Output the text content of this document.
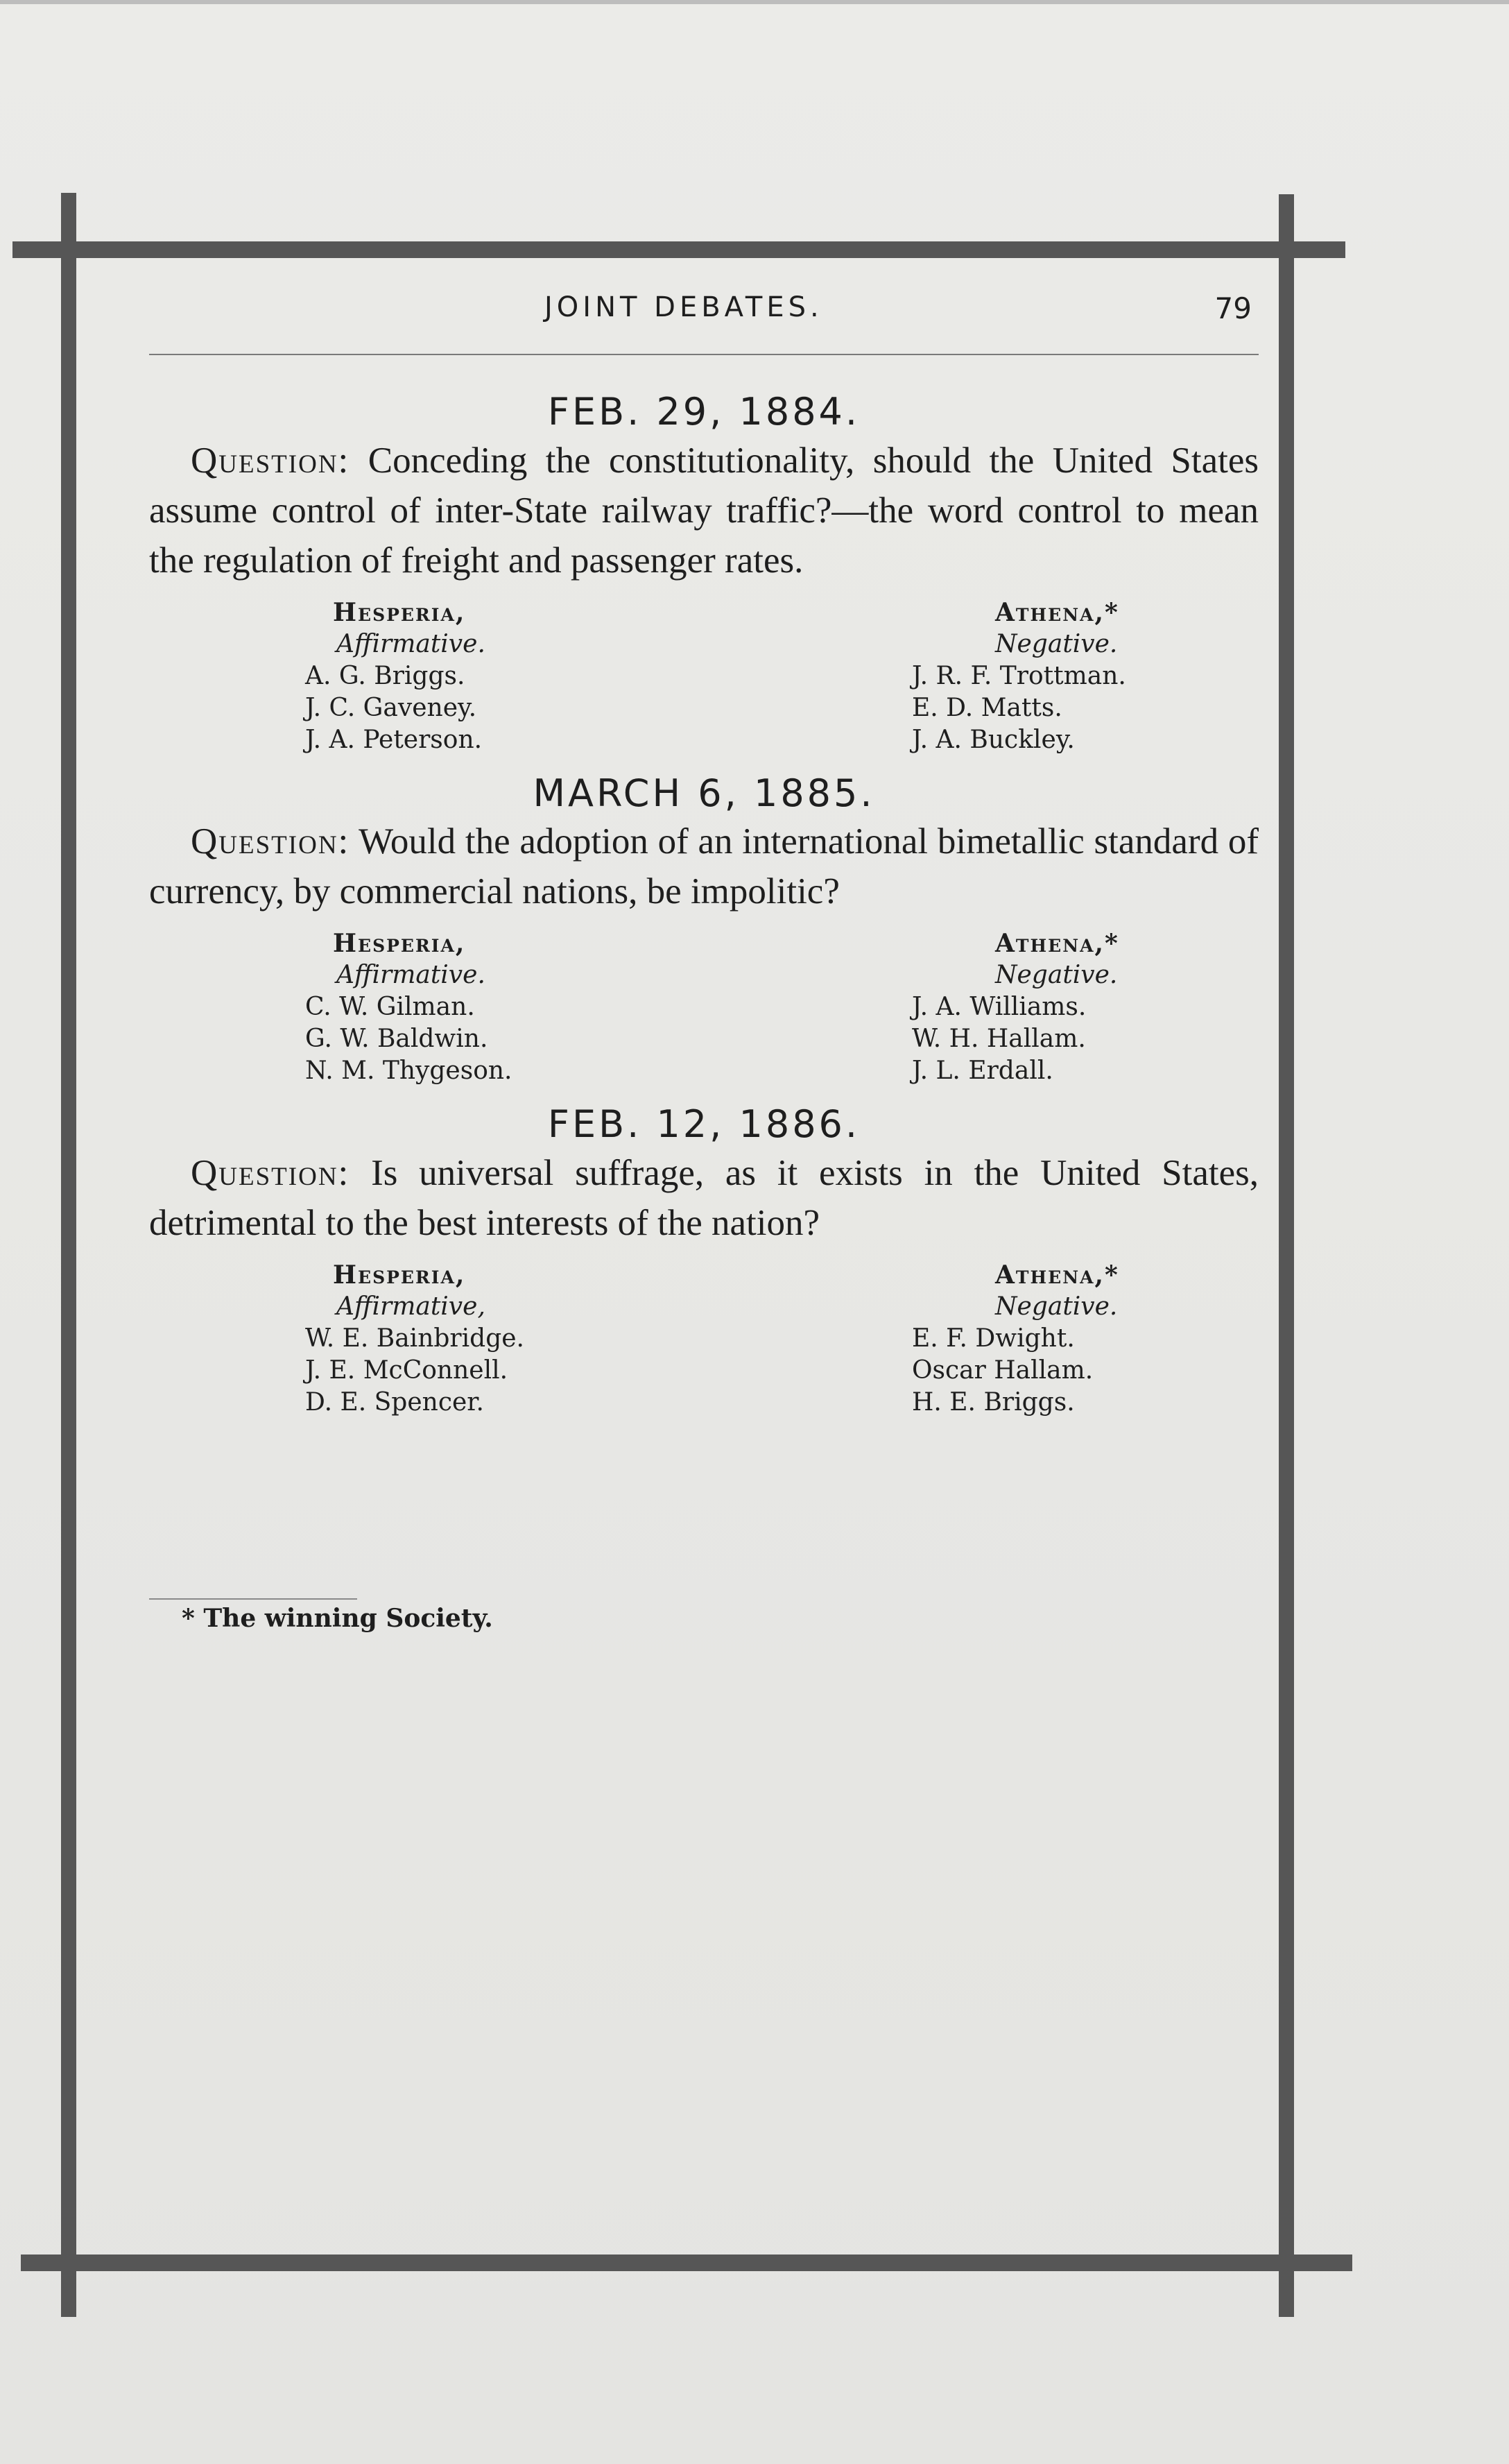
JOINT DEBATES.	79
FEB. 29, 1884.

Question: Conceding the constitutionality, should the United States assume control of inter-State railway traffic?—the word control to mean the regulation of freight and passenger rates.

Hesperia,
Affirmative.
A. G. Briggs.
J. C. Gaveney.
J. A. Peterson.
Athena,*
Negative.
J. R. F. Trottman.
E. D. Matts.
J. A. Buckley.
MARCH 6, 1885.

Question: Would the adoption of an international bimetallic standard of currency, by commercial nations, be impolitic?

Hesperia,
Affirmative.
C. W. Gilman.
G. W. Baldwin.
N. M. Thygeson.
Athena,*
Negative.
J. A. Williams.
W. H. Hallam.
J. L. Erdall.
FEB. 12, 1886.

Question: Is universal suffrage, as it exists in the United States, detrimental to the best interests of the nation?

Hesperia,
Affirmative,
W. E. Bainbridge.
J. E. McConnell.
D. E. Spencer.
Athena,*
Negative.
E. F. Dwight.
Oscar Hallam.
H. E. Briggs.
* The winning Society.
